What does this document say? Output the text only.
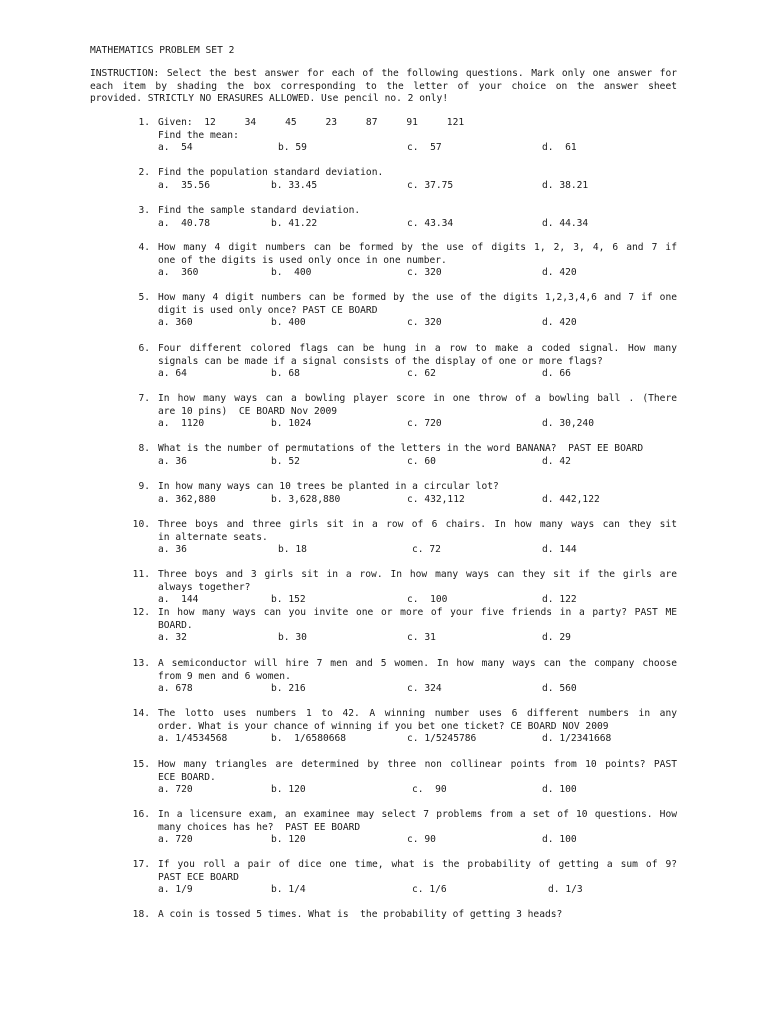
MATHEMATICS PROBLEM SET 2
INSTRUCTION: Select the best answer for each of the following questions. Mark only one answer for
each item by shading the box corresponding to the letter of your choice on the answer sheet
provided. STRICTLY NO ERASURES ALLOWED. Use pencil no. 2 only!
1. Given:  12     34     45     23     87     91     121
Find the mean:
a.  54	b. 59	c.  57	d.  61
2. Find the population standard deviation.
a.  35.56	b. 33.45	c. 37.75	d. 38.21
3. Find the sample standard deviation.
a.  40.78	b. 41.22	c. 43.34	d. 44.34
4. How many 4 digit numbers can be formed by the use of digits 1, 2, 3, 4, 6 and 7 if
one of the digits is used only once in one number.
a.  360	b.  400	c. 320	d. 420
5. How many 4 digit numbers can be formed by the use of the digits 1,2,3,4,6 and 7 if one
digit is used only once? PAST CE BOARD
a. 360	b. 400	c. 320	d. 420
6. Four different colored flags can be hung in a row to make a coded signal. How many
signals can be made if a signal consists of the display of one or more flags?
a. 64	b. 68	c. 62	d. 66
7. In how many ways can a bowling player score in one throw of a bowling ball . (There
are 10 pins)  CE BOARD Nov 2009
a.  1120	b. 1024	c. 720	d. 30,240
8. What is the number of permutations of the letters in the word BANANA?  PAST EE BOARD
a. 36	b. 52	c. 60	d. 42
9. In how many ways can 10 trees be planted in a circular lot?
a. 362,880	b. 3,628,880	c. 432,112	d. 442,122
10. Three boys and three girls sit in a row of 6 chairs. In how many ways can they sit
in alternate seats.
a. 36	b. 18	c. 72	d. 144
11. Three boys and 3 girls sit in a row. In how many ways can they sit if the girls are
always together?
a.  144	b. 152	c.  100	d. 122
12. In how many ways can you invite one or more of your five friends in a party? PAST ME
BOARD.
a. 32	b. 30	c. 31	d. 29
13. A semiconductor will hire 7 men and 5 women. In how many ways can the company choose
from 9 men and 6 women.
a. 678	b. 216	c. 324	d. 560
14. The lotto uses numbers 1 to 42. A winning number uses 6 different numbers in any
order. What is your chance of winning if you bet one ticket? CE BOARD NOV 2009
a. 1/4534568	b.  1/6580668	c. 1/5245786	d. 1/2341668
15. How many triangles are determined by three non collinear points from 10 points? PAST
ECE BOARD.
a. 720	b. 120	c.  90	d. 100
16. In a licensure exam, an examinee may select 7 problems from a set of 10 questions. How
many choices has he?  PAST EE BOARD
a. 720	b. 120	c. 90	d. 100
17. If you roll a pair of dice one time, what is the probability of getting a sum of 9?
PAST ECE BOARD
a. 1/9	b. 1/4	c. 1/6	d. 1/3
18. A coin is tossed 5 times. What is  the probability of getting 3 heads?
